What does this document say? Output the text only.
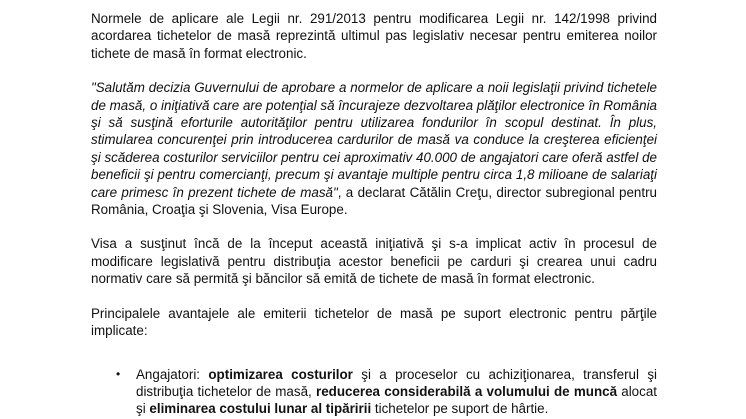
Normele de aplicare ale Legii nr. 291/2013 pentru modificarea Legii nr. 142/1998 privind acordarea tichetelor de masă reprezintă ultimul pas legislativ necesar pentru emiterea noilor tichete de masă în format electronic.

"Salutăm decizia Guvernului de aprobare a normelor de aplicare a noii legislaţii privind tichetele de masă, o iniţiativă care are potenţial să încurajeze dezvoltarea plăţilor electronice în România şi să susţină eforturile autorităţilor pentru utilizarea fondurilor în scopul destinat. În plus, stimularea concurenţei prin introducerea cardurilor de masă va conduce la creşterea eficienţei şi scăderea costurilor serviciilor pentru cei aproximativ 40.000 de angajatori care oferă astfel de beneficii şi pentru comercianţi, precum şi avantaje multiple pentru circa 1,8 milioane de salariaţi care primesc în prezent tichete de masă", a declarat Cătălin Creţu, director subregional pentru România, Croaţia şi Slovenia, Visa Europe.

Visa a susţinut încă de la început această iniţiativă şi s-a implicat activ în procesul de modificare legislativă pentru distribuţia acestor beneficii pe carduri şi crearea unui cadru normativ care să permită şi băncilor să emită de tichete de masă în format electronic.

Principalele avantajele ale emiterii tichetelor de masă pe suport electronic pentru părţile implicate:

• Angajatori: optimizarea costurilor şi a proceselor cu achiziţionarea, transferul şi distribuţia tichetelor de masă, reducerea considerabilă a volumului de muncă alocat şi eliminarea costului lunar al tipăririi tichetelor pe suport de hârtie.
